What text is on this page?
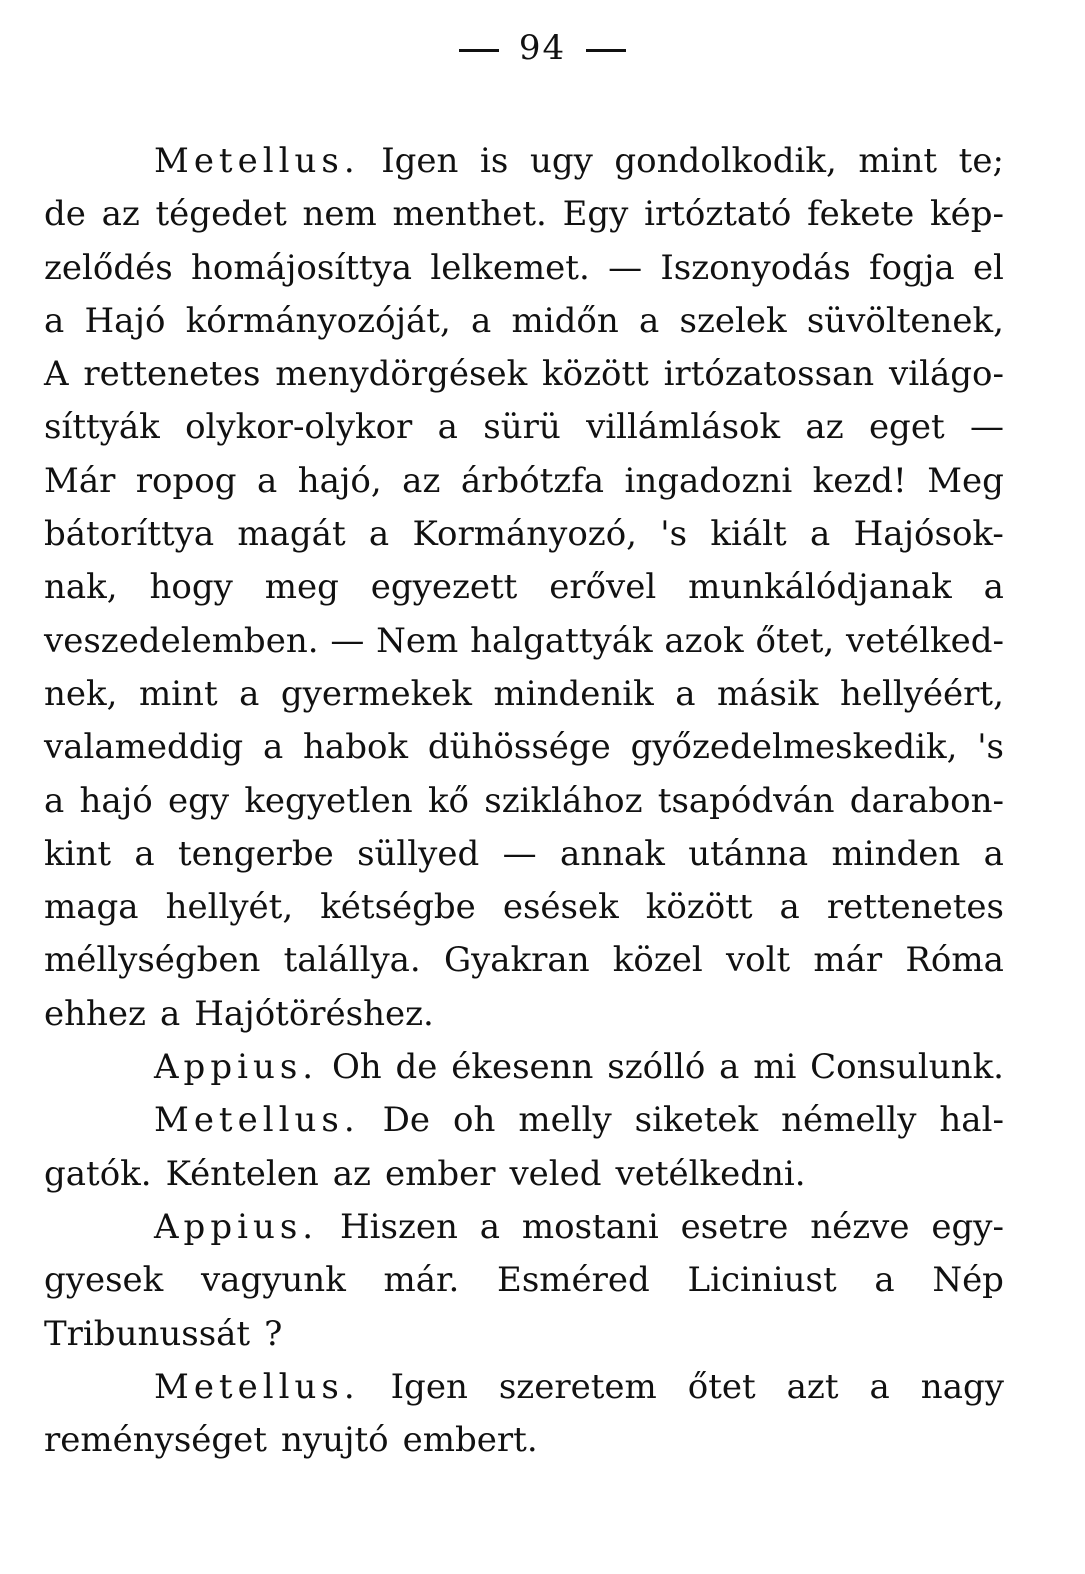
94
Metellus. Igen is ugy gondolkodik, mint te;
de az tégedet nem menthet. Egy irtóztató fekete kép-
zelődés homájosíttya lelkemet. — Iszonyodás fogja el
a Hajó kórmányozóját, a midőn a szelek süvöltenek,
A rettenetes menydörgések között irtózatossan világo-
síttyák olykor-olykor a sürü villámlások az eget —
Már ropog a hajó, az árbótzfa ingadozni kezd! Meg
bátoríttya magát a Kormányozó, 's kiált a Hajósok-
nak, hogy meg egyezett erővel munkálódjanak a
veszedelemben. — Nem halgattyák azok őtet, vetélked-
nek, mint a gyermekek mindenik a másik hellyéért,
valameddig a habok dühössége győzedelmeskedik, 's
a hajó egy kegyetlen kő sziklához tsapódván darabon-
kint a tengerbe süllyed — annak utánna minden a
maga hellyét, kétségbe esések között a rettenetes
méllységben talállya. Gyakran közel volt már Róma
ehhez a Hajótöréshez.
Appius. Oh de ékesenn szólló a mi Consulunk.
Metellus. De oh melly siketek némelly hal-
gatók. Kéntelen az ember veled vetélkedni.
Appius. Hiszen a mostani esetre nézve egy-
gyesek vagyunk már. Esméred Liciniust a Nép
Tribunussát ?
Metellus. Igen szeretem őtet azt a nagy
reménységet nyujtó embert.
